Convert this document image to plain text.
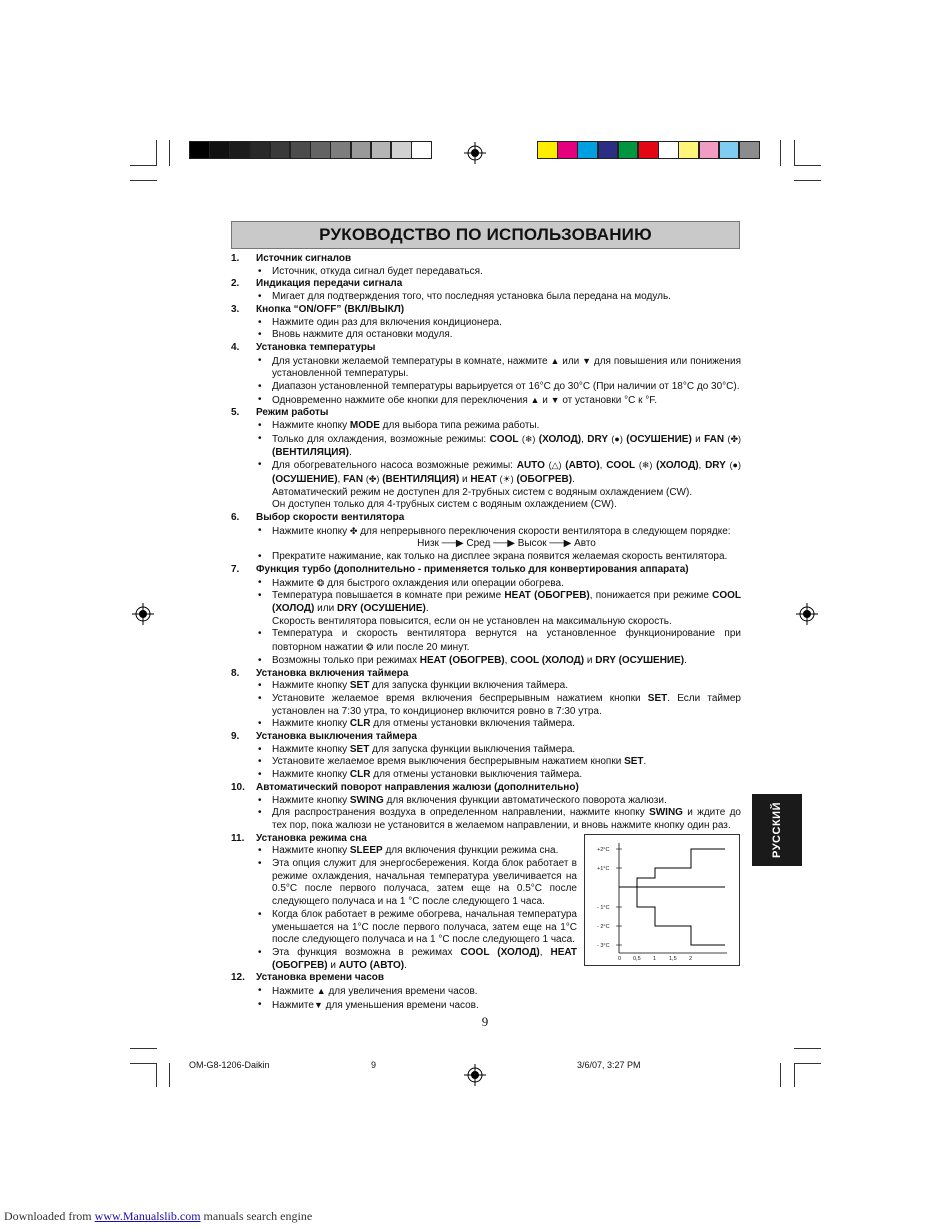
РУКОВОДСТВО ПО ИСПОЛЬЗОВАНИЮ
1.	Источник сигналов
• Источник, откуда сигнал будет передаваться.
2.	Индикация передачи сигнала
• Мигает для подтверждения того, что последняя установка была передана на модуль.
3.	Кнопка “ON/OFF” (ВКЛ/ВЫКЛ)
• Нажмите один раз для включения кондиционера.
• Вновь нажмите для остановки модуля.
4.	Установка температуры
• Для установки желаемой температуры в комнате, нажмите ▲ или ▼ для повышения или понижения установленной температуры.
• Диапазон установленной температуры варьируется от 16°C до 30°C (При наличии от 18°C до 30°C).
• Одновременно нажмите обе кнопки для переключения ▲ и ▼ от установки °C к °F.
5.	Режим работы
• Нажмите кнопку MODE для выбора типа режима работы.
• Только для охлаждения, возможные режимы: COOL (❄) (ХОЛОД), DRY (●) (ОСУШЕНИЕ) и FAN (✤) (ВЕНТИЛЯЦИЯ).
• Для обогревательного насоса возможные режимы: AUTO (△) (АВТО), COOL (❄) (ХОЛОД), DRY (●) (ОСУШЕНИЕ), FAN (✤) (ВЕНТИЛЯЦИЯ) и HEAT (☀) (ОБОГРЕВ).
Автоматический режим не доступен для 2-трубных систем с водяным охлаждением (CW).
Он доступен только для 4-трубных систем с водяным охлаждением (CW).
6.	Выбор скорости вентилятора
• Нажмите кнопку ✤ для непрерывного переключения скорости вентилятора в следующем порядке:
Низк ──▶ Сред ──▶ Высок ──▶ Авто
• Прекратите нажимание, как только на дисплее экрана появится желаемая скорость вентилятора.
7.	Функция турбо (дополнительно - применяется только для конвертирования аппарата)
• Нажмите ❂ для быстрого охлаждения или операции обогрева.
• Температура повышается в комнате при режиме HEAT (ОБОГРЕВ), понижается при режиме COOL (ХОЛОД) или DRY (ОСУШЕНИЕ).
Скорость вентилятора повысится, если он не установлен на максимальную скорость.
• Температура и скорость вентилятора вернутся на установленное функционирование при повторном нажатии ❂ или после 20 минут.
• Возможны только при режимах HEAT (ОБОГРЕВ), COOL (ХОЛОД) и DRY (ОСУШЕНИЕ).
8.	Установка включения таймера
• Нажмите кнопку SET для запуска функции включения таймера.
• Установите желаемое время включения беспрерывным нажатием кнопки SET. Если таймер установлен на 7:30 утра, то кондиционер включится ровно в 7:30 утра.
• Нажмите кнопку CLR для отмены установки включения таймера.
9.	Установка выключения таймера
• Нажмите кнопку SET для запуска функции выключения таймера.
• Установите желаемое время выключения беспрерывным нажатием кнопки SET.
• Нажмите кнопку CLR для отмены установки выключения таймера.
10.	Автоматический поворот направления жалюзи (дополнительно)
• Нажмите кнопку SWING для включения функции автоматического поворота жалюзи.
• Для распространения воздуха в определенном направлении, нажмите кнопку SWING и ждите до тех пор, пока жалюзи не установится в желаемом направлении, и вновь нажмите кнопку один раз.
11.	Установка режима сна
• Нажмите кнопку SLEEP для включения функции режима сна.
• Эта опция служит для энергосбережения. Когда блок работает в режиме охлаждения, начальная температура увеличивается на 0.5°C после первого получаса, затем еще на 0.5°C после следующего получаса и на 1 °C после следующего 1 часа.
• Когда блок работает в режиме обогрева, начальная температура уменьшается на 1°C после первого получаса, затем еще на 1°C после следующего получаса и на 1 °C после следующего 1 часа.
• Эта функция возможна в режимах COOL (ХОЛОД), HEAT (ОБОГРЕВ) и AUTO (АВТО).
12.	Установка времени часов
• Нажмите ▲ для увеличения времени часов.
• Нажмите▼ для уменьшения времени часов.
РУССКИЙ
+2°C
+1°C
- 1°C
- 2°C
- 3°C
0 0,5 1 1,5 2
9
OM-G8-1206-Daikin	9	3/6/07, 3:27 PM
Downloaded from www.Manualslib.com manuals search engine
